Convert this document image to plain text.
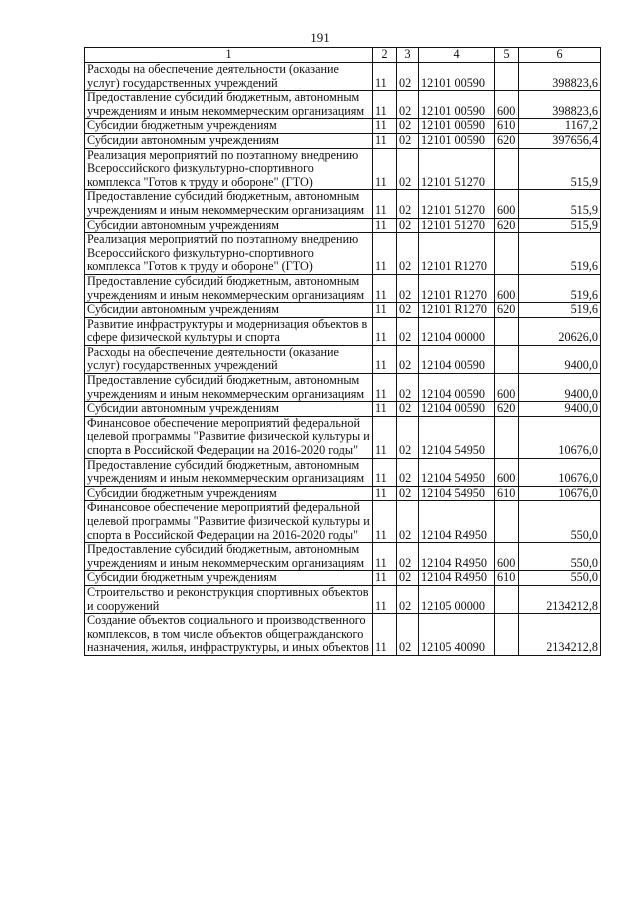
191
1	2	3	4	5	6
Расходы на обеспечение деятельности (оказание услуг) государственных учреждений	11	02	12101 00590		398823,6
Предоставление субсидий бюджетным, автономным учреждениям и иным некоммерческим организациям	11	02	12101 00590	600	398823,6
Субсидии бюджетным учреждениям	11	02	12101 00590	610	1167,2
Субсидии автономным учреждениям	11	02	12101 00590	620	397656,4
Реализация мероприятий по поэтапному внедрению Всероссийского физкультурно-спортивного комплекса "Готов к труду и обороне" (ГТО)	11	02	12101 51270		515,9
Предоставление субсидий бюджетным, автономным учреждениям и иным некоммерческим организациям	11	02	12101 51270	600	515,9
Субсидии автономным учреждениям	11	02	12101 51270	620	515,9
Реализация мероприятий по поэтапному внедрению Всероссийского физкультурно-спортивного комплекса "Готов к труду и обороне" (ГТО)	11	02	12101 R1270		519,6
Предоставление субсидий бюджетным, автономным учреждениям и иным некоммерческим организациям	11	02	12101 R1270	600	519,6
Субсидии автономным учреждениям	11	02	12101 R1270	620	519,6
Развитие инфраструктуры и модернизация объектов в сфере физической культуры и спорта	11	02	12104 00000		20626,0
Расходы на обеспечение деятельности (оказание услуг) государственных учреждений	11	02	12104 00590		9400,0
Предоставление субсидий бюджетным, автономным учреждениям и иным некоммерческим организациям	11	02	12104 00590	600	9400,0
Субсидии автономным учреждениям	11	02	12104 00590	620	9400,0
Финансовое обеспечение мероприятий федеральной целевой программы "Развитие физической культуры и спорта в Российской Федерации на 2016-2020 годы"	11	02	12104 54950		10676,0
Предоставление субсидий бюджетным, автономным учреждениям и иным некоммерческим организациям	11	02	12104 54950	600	10676,0
Субсидии бюджетным учреждениям	11	02	12104 54950	610	10676,0
Финансовое обеспечение мероприятий федеральной целевой программы "Развитие физической культуры и спорта в Российской Федерации на 2016-2020 годы"	11	02	12104 R4950		550,0
Предоставление субсидий бюджетным, автономным учреждениям и иным некоммерческим организациям	11	02	12104 R4950	600	550,0
Субсидии бюджетным учреждениям	11	02	12104 R4950	610	550,0
Строительство и реконструкция спортивных объектов и сооружений	11	02	12105 00000		2134212,8
Создание объектов социального и производственного комплексов, в том числе объектов общегражданского назначения, жилья, инфраструктуры, и иных объектов	11	02	12105 40090		2134212,8
